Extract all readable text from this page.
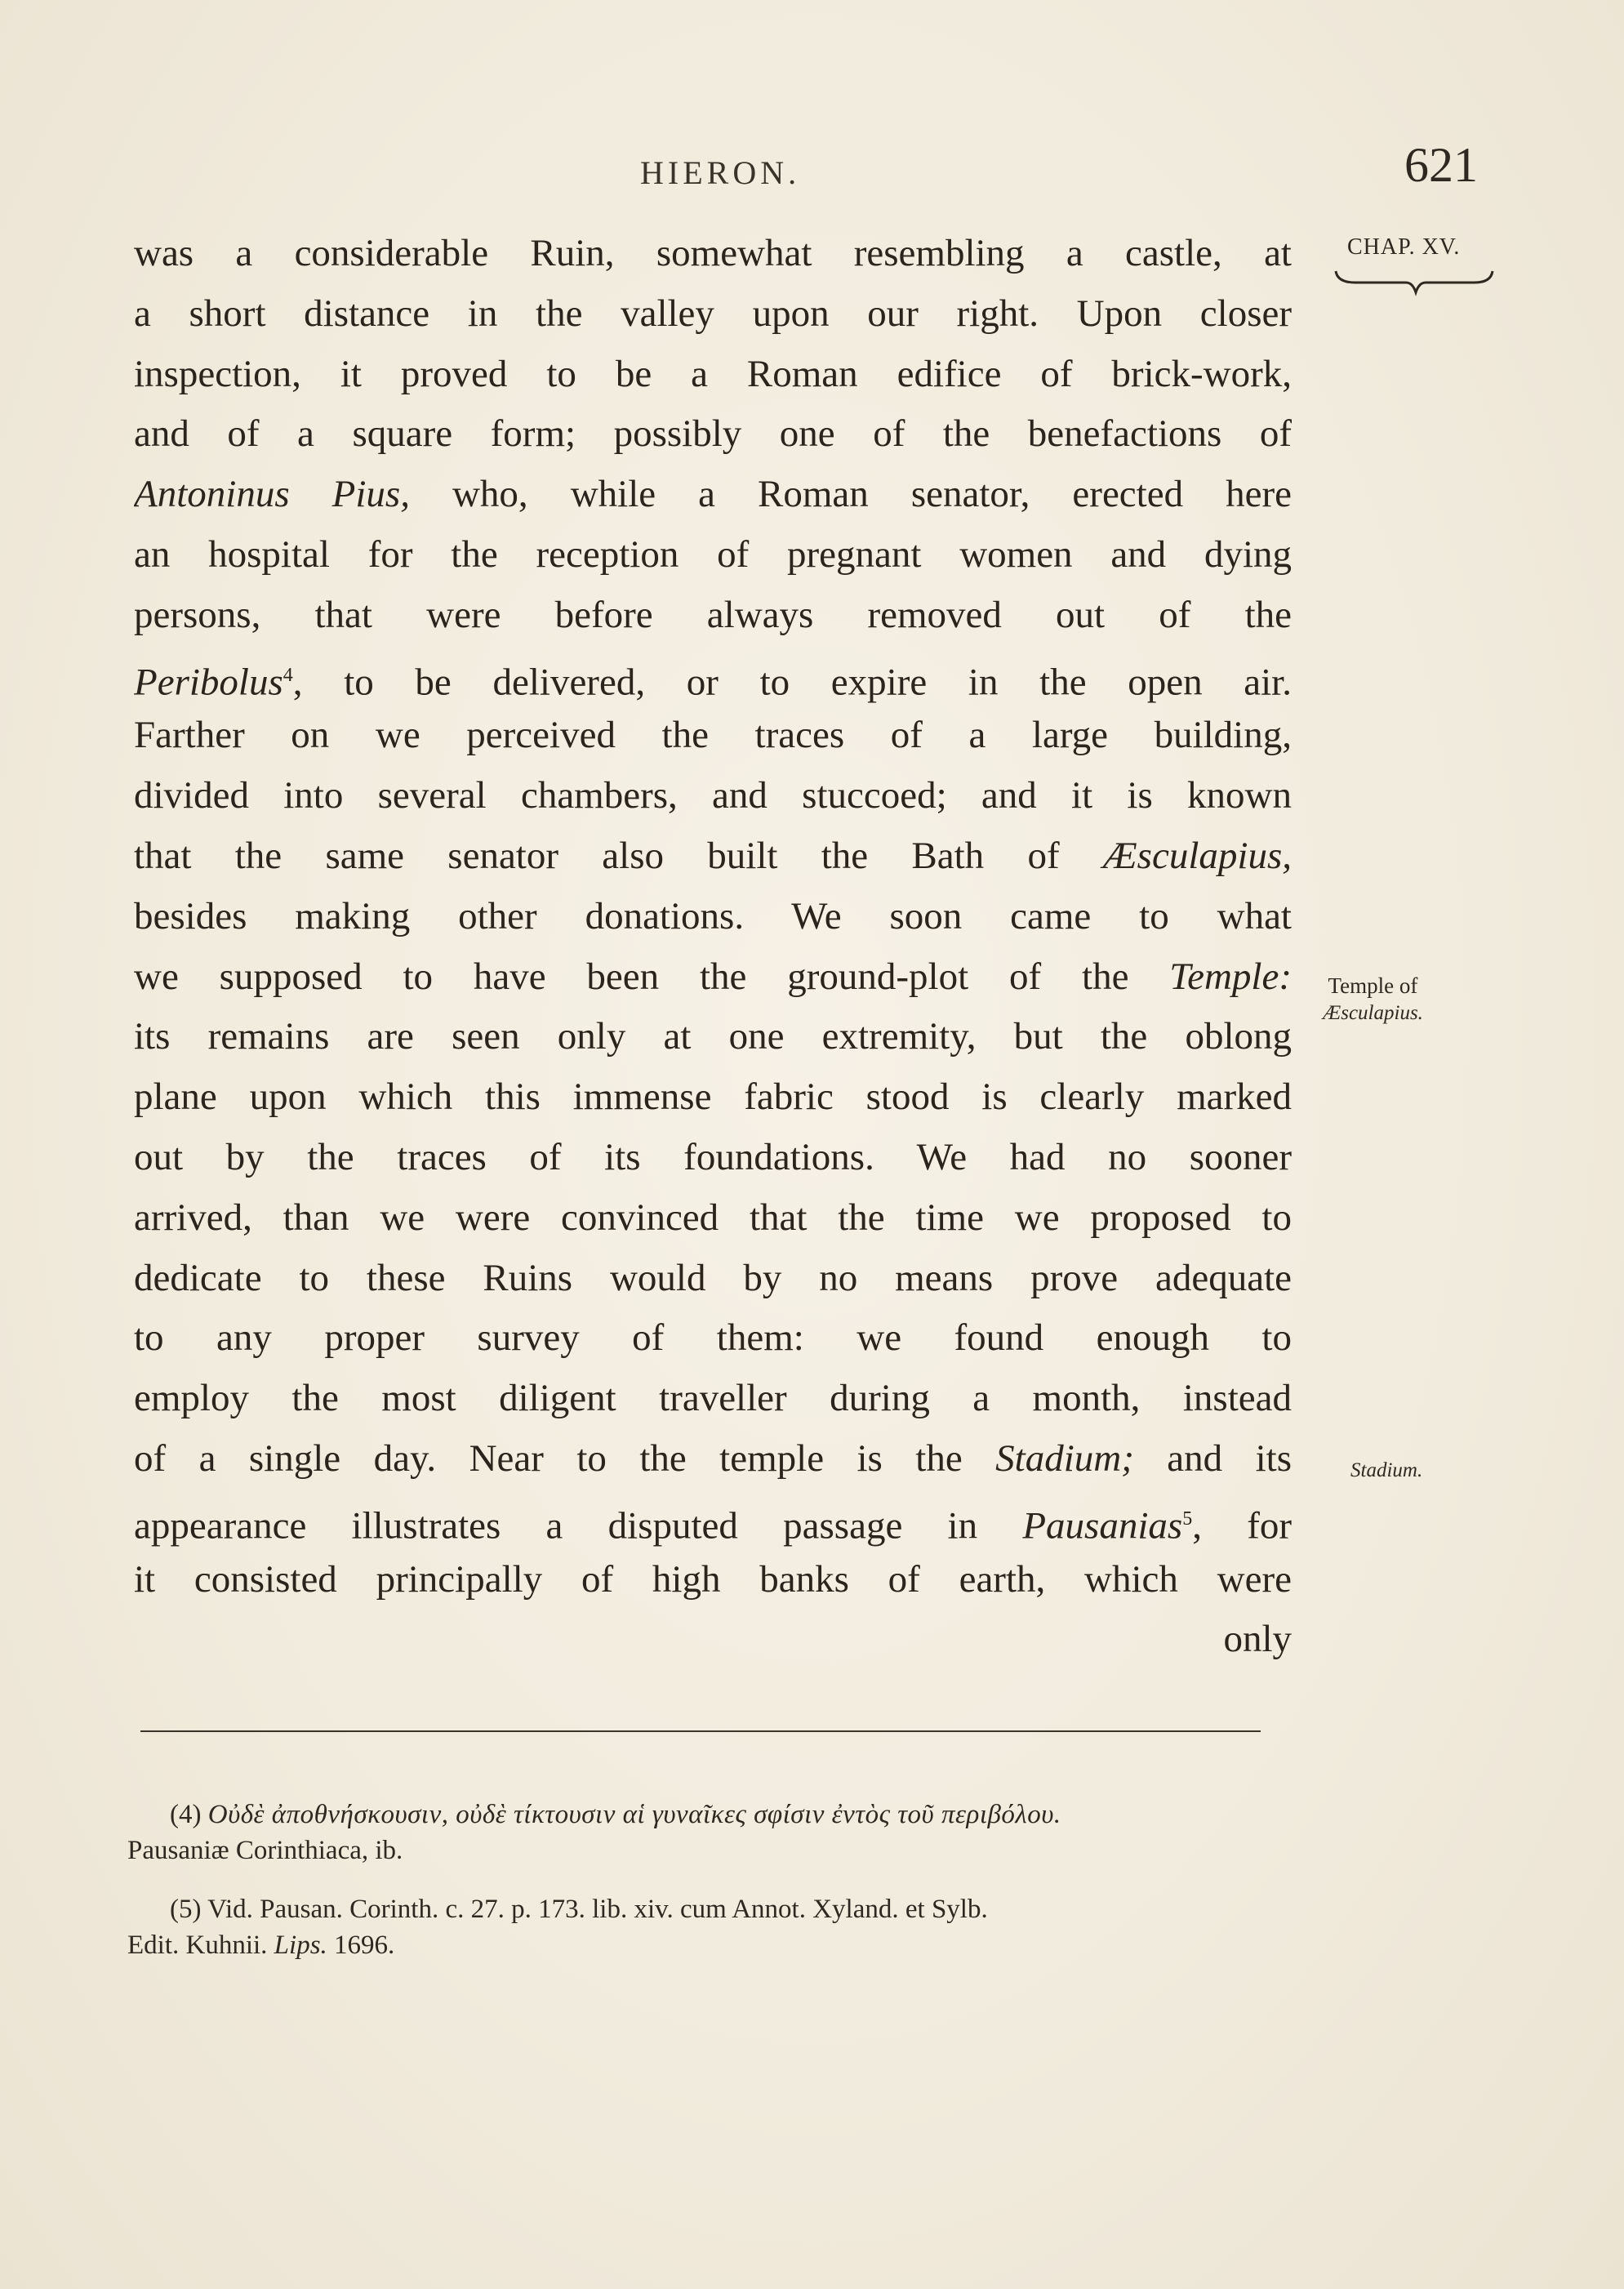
HIERON.	621
CHAP. XV.
Temple of
Æsculapius.
Stadium.
was a considerable Ruin, somewhat resembling a castle, at
a short distance in the valley upon our right. Upon closer
inspection, it proved to be a Roman edifice of brick-work,
and of a square form; possibly one of the benefactions of
Antoninus Pius, who, while a Roman senator, erected here
an hospital for the reception of pregnant women and dying
persons, that were before always removed out of the
Peribolus$^4$, to be delivered, or to expire in the open air.
Farther on we perceived the traces of a large building,
divided into several chambers, and stuccoed; and it is known
that the same senator also built the Bath of Æsculapius,
besides making other donations. We soon came to what
we supposed to have been the ground-plot of the Temple:
its remains are seen only at one extremity, but the oblong
plane upon which this immense fabric stood is clearly marked
out by the traces of its foundations. We had no sooner
arrived, than we were convinced that the time we proposed to
dedicate to these Ruins would by no means prove adequate
to any proper survey of them: we found enough to
employ the most diligent traveller during a month, instead
of a single day. Near to the temple is the Stadium; and its
appearance illustrates a disputed passage in Pausanias$^5$, for
it consisted principally of high banks of earth, which were
only
(4) Οὐδὲ ἀποθνήσκουσιν, οὐδὲ τίκτουσιν αἱ γυναῖκες σφίσιν ἐντὸς τοῦ περιβόλου.
Pausaniæ Corinthiaca, ib.
(5) Vid. Pausan. Corinth. c. 27. p. 173. lib. xiv. cum Annot. Xyland. et Sylb.
Edit. Kuhnii. Lips. 1696.
